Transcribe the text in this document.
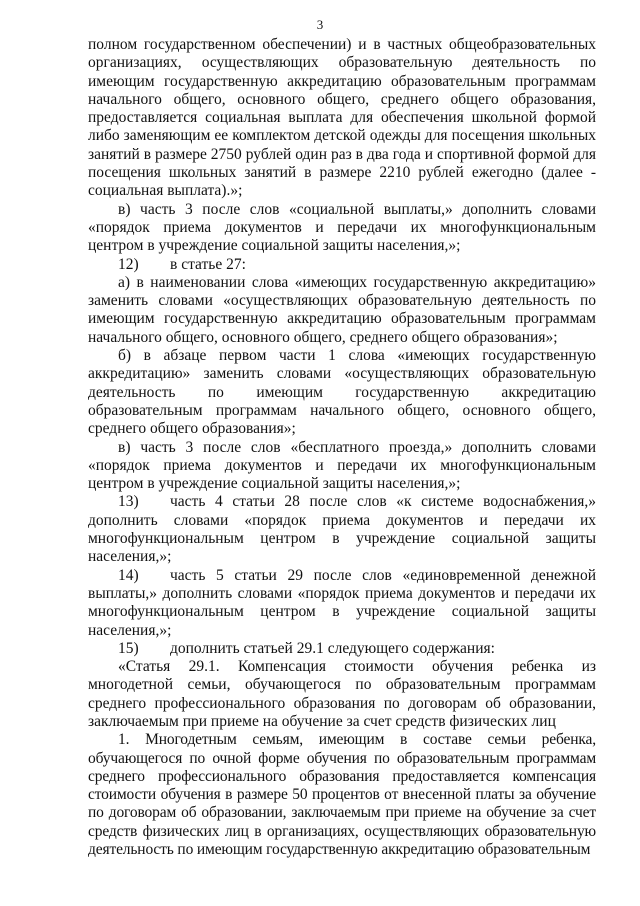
3

полном государственном обеспечении) и в частных общеобразовательных организациях, осуществляющих образовательную деятельность по имеющим государственную аккредитацию образовательным программам начального общего, основного общего, среднего общего образования, предоставляется социальная выплата для обеспечения школьной формой либо заменяющим ее комплектом детской одежды для посещения школьных занятий в размере 2750 рублей один раз в два года и спортивной формой для посещения школьных занятий в размере 2210 рублей ежегодно (далее - социальная выплата).»;

в) часть 3 после слов «социальной выплаты,» дополнить словами «порядок приема документов и передачи их многофункциональным центром в учреждение социальной защиты населения,»;

12) в статье 27:

а) в наименовании слова «имеющих государственную аккредитацию» заменить словами «осуществляющих образовательную деятельность по имеющим государственную аккредитацию образовательным программам начального общего, основного общего, среднего общего образования»;

б) в абзаце первом части 1 слова «имеющих государственную аккредитацию» заменить словами «осуществляющих образовательную деятельность по имеющим государственную аккредитацию образовательным программам начального общего, основного общего, среднего общего образования»;

в) часть 3 после слов «бесплатного проезда,» дополнить словами «порядок приема документов и передачи их многофункциональным центром в учреждение социальной защиты населения,»;

13) часть 4 статьи 28 после слов «к системе водоснабжения,» дополнить словами «порядок приема документов и передачи их многофункциональным центром в учреждение социальной защиты населения,»;

14) часть 5 статьи 29 после слов «единовременной денежной выплаты,» дополнить словами «порядок приема документов и передачи их многофункциональным центром в учреждение социальной защиты населения,»;

15) дополнить статьей 29.1 следующего содержания:

«Статья 29.1. Компенсация стоимости обучения ребенка из многодетной семьи, обучающегося по образовательным программам среднего профессионального образования по договорам об образовании, заключаемым при приеме на обучение за счет средств физических лиц

1. Многодетным семьям, имеющим в составе семьи ребенка, обучающегося по очной форме обучения по образовательным программам среднего профессионального образования предоставляется компенсация стоимости обучения в размере 50 процентов от внесенной платы за обучение по договорам об образовании, заключаемым при приеме на обучение за счет средств физических лиц в организациях, осуществляющих образовательную деятельность по имеющим государственную аккредитацию образовательным
